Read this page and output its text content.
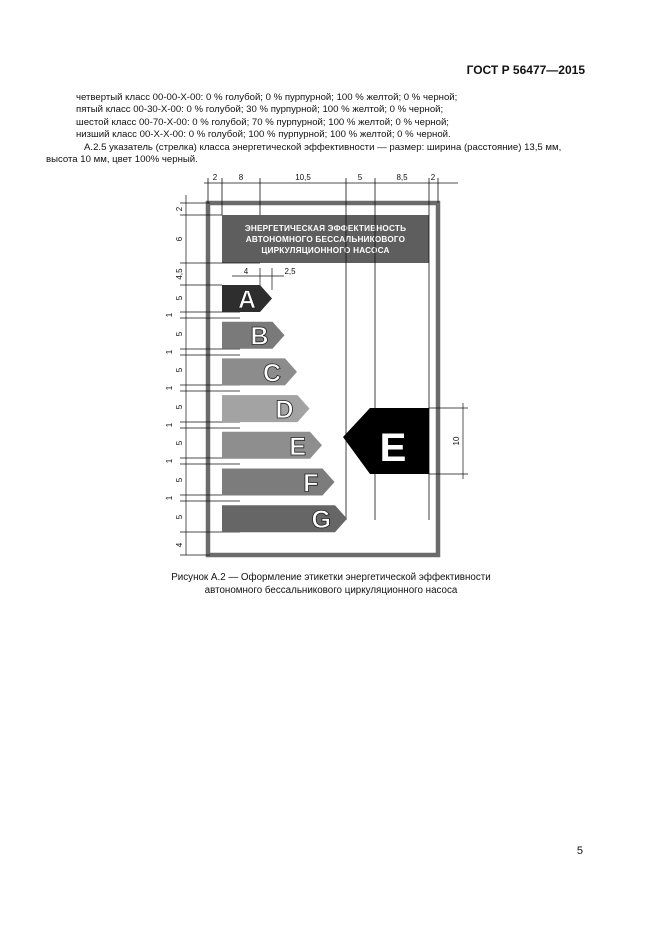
ГОСТ Р 56477—2015
четвертый класс 00-00-X-00: 0 % голубой; 0 % пурпурной; 100 % желтой; 0 % черной;
пятый класс 00-30-X-00: 0 % голубой; 30 % пурпурной; 100 % желтой; 0 % черной;
шестой класс 00-70-X-00: 0 % голубой; 70 % пурпурной; 100 % желтой; 0 % черной;
низший класс 00-X-X-00: 0 % голубой; 100 % пурпурной; 100 % желтой; 0 % черной.
А.2.5 указатель (стрелка) класса энергетической эффективности — размер: ширина (расстояние) 13,5 мм,
высота 10 мм, цвет 100% черный.
ЭНЕРГЕТИЧЕСКАЯ ЭФФЕКТИВНОСТЬ
АВТОНОМНОГО БЕССАЛЬНИКОВОГО
ЦИРКУЛЯЦИОННОГО НАСОСА
2	8	10,5	5	8,5	2
2
6
4,5
5
1
5
1
5
1
5
1
5
1
5
1
5
4
4	2,5
A
B
C
D
E
F
G
E	10
Рисунок А.2 — Оформление этикетки энергетической эффективности
автономного бессальникового циркуляционного насоса
5
